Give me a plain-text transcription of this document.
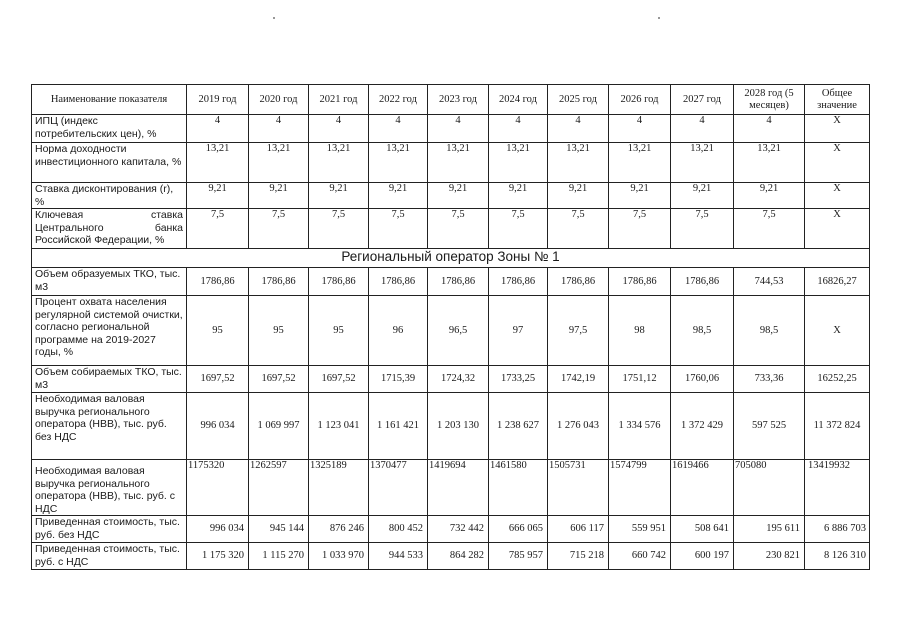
Наименование показателя	2019 год	2020 год	2021 год	2022 год	2023 год	2024 год	2025 год	2026 год	2027 год	2028 год (5 месяцев)	Общее значение
ИПЦ (индекс потребительских цен), %	4	4	4	4	4	4	4	4	4	4	Х
Норма доходности инвестиционного капитала, %	13,21	13,21	13,21	13,21	13,21	13,21	13,21	13,21	13,21	13,21	Х
Ставка дисконтирования (r), %	9,21	9,21	9,21	9,21	9,21	9,21	9,21	9,21	9,21	9,21	Х
Ключевая ставка Центрального банка Российской Федерации, %	7,5	7,5	7,5	7,5	7,5	7,5	7,5	7,5	7,5	7,5	Х
Региональный оператор Зоны № 1											
Объем образуемых ТКО, тыс. м3	1786,86	1786,86	1786,86	1786,86	1786,86	1786,86	1786,86	1786,86	1786,86	744,53	16826,27
Процент охвата населения регулярной системой очистки, согласно региональной программе на 2019-2027 годы, %	95	95	95	96	96,5	97	97,5	98	98,5	98,5	Х
Объем собираемых ТКО, тыс. м3	1697,52	1697,52	1697,52	1715,39	1724,32	1733,25	1742,19	1751,12	1760,06	733,36	16252,25
Необходимая валовая выручка регионального оператора (НВВ), тыс. руб. без НДС	996 034	1 069 997	1 123 041	1 161 421	1 203 130	1 238 627	1 276 043	1 334 576	1 372 429	597 525	11 372 824
Необходимая валовая выручка регионального оператора (НВВ), тыс. руб. с НДС	1175320	1262597	1325189	1370477	1419694	1461580	1505731	1574799	1619466	705080	13419932
Приведенная стоимость, тыс. руб. без НДС	996 034	945 144	876 246	800 452	732 442	666 065	606 117	559 951	508 641	195 611	6 886 703
Приведенная стоимость, тыс. руб. с НДС	1 175 320	1 115 270	1 033 970	944 533	864 282	785 957	715 218	660 742	600 197	230 821	8 126 310
